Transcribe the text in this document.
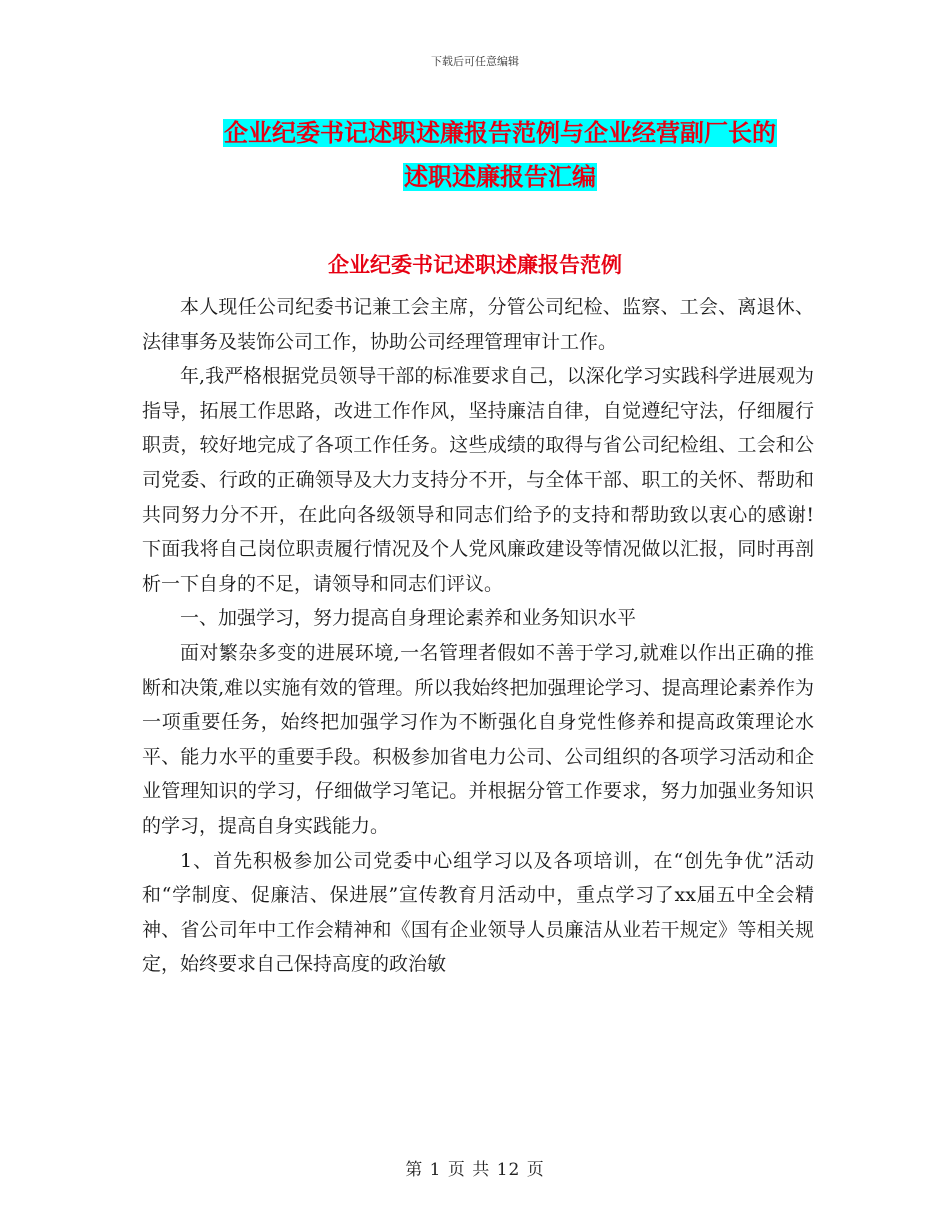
下载后可任意编辑
企业纪委书记述职述廉报告范例与企业经营副厂长的
述职述廉报告汇编
企业纪委书记述职述廉报告范例

本人现任公司纪委书记兼工会主席，分管公司纪检、监察、工会、离退休、法律事务及装饰公司工作，协助公司经理管理审计工作。

年,我严格根据党员领导干部的标准要求自己，以深化学习实践科学进展观为指导，拓展工作思路，改进工作作风，坚持廉洁自律，自觉遵纪守法，仔细履行职责，较好地完成了各项工作任务。这些成绩的取得与省公司纪检组、工会和公司党委、行政的正确领导及大力支持分不开，与全体干部、职工的关怀、帮助和共同努力分不开，在此向各级领导和同志们给予的支持和帮助致以衷心的感谢!下面我将自己岗位职责履行情况及个人党风廉政建设等情况做以汇报，同时再剖析一下自身的不足，请领导和同志们评议。

一、加强学习，努力提高自身理论素养和业务知识水平

面对繁杂多变的进展环境,一名管理者假如不善于学习,就难以作出正确的推断和决策,难以实施有效的管理。所以我始终把加强理论学习、提高理论素养作为一项重要任务，始终把加强学习作为不断强化自身党性修养和提高政策理论水平、能力水平的重要手段。积极参加省电力公司、公司组织的各项学习活动和企业管理知识的学习，仔细做学习笔记。并根据分管工作要求，努力加强业务知识的学习，提高自身实践能力。

1、首先积极参加公司党委中心组学习以及各项培训，在“创先争优”活动和“学制度、促廉洁、保进展”宣传教育月活动中，重点学习了xx届五中全会精神、省公司年中工作会精神和《国有企业领导人员廉洁从业若干规定》等相关规定，始终要求自己保持高度的政治敏

第 1 页 共 12 页
